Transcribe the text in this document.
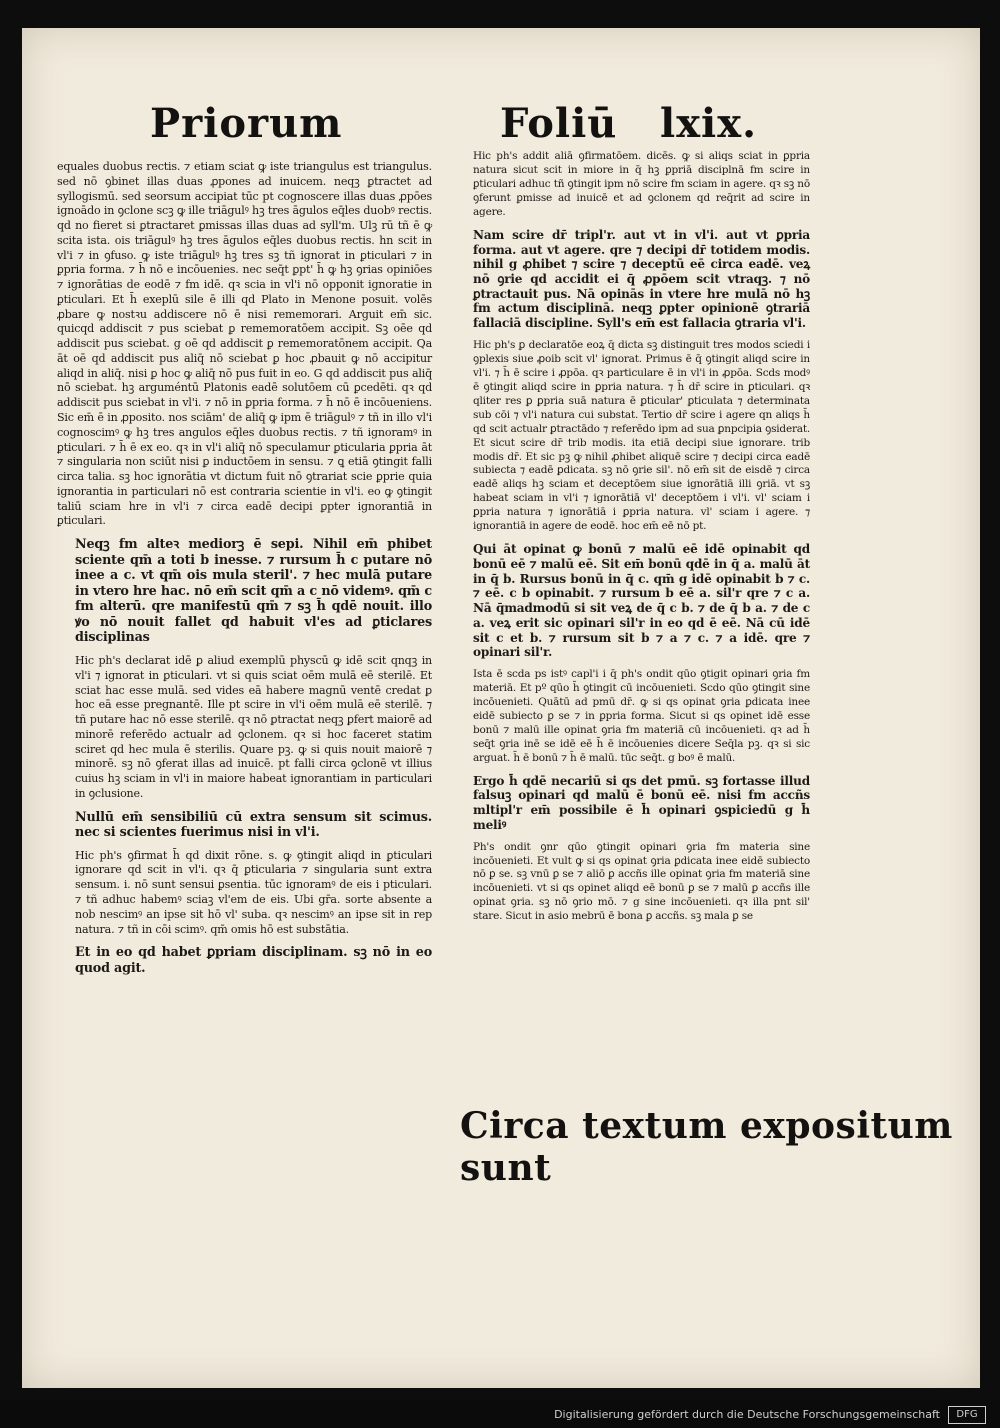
Priorum	Foliū lxix.

equales duobus rectis. ⁊ etiam sciat ꝙ iste triangulus est triangulus. sed nō ꝯbinet illas duas ꝓpones ad inuicem. neqꝫ ꝑtractet ad syllogismū. sed seorsum accipiat tūc pt cognoscere illas duas ꝓpōes ignoādo in ꝯclone scꝫ ꝙ ille triāgulꝰ hꝫ tres āgulos eq̄les duobꝰ rectis. qd no fieret si ꝑtractaret ꝑmissas illas duas ad syll'm. Ulꝫ rū tñ ē ꝙ scita ista. ois triāgulꝰ hꝫ tres āgulos eq̄les duobus rectis. hn scit in vl'i ⁊ in ꝯfuso. ꝙ iste triāgulꝰ hꝫ tres sꝫ tñ ignorat in ꝑticulari ⁊ in ꝑpria forma. ⁊ h̄ nō e incōuenies. nec seq̄t ꝑpt' h̄ ꝙ hꝫ ꝯrias opiniōes ⁊ ignorātias de eodē ⁊ fm idē. qꝛ scia in vl'i nō opponit ignoratie in ꝑticulari. Et h̄ exeplū sile ē illi qd Plato in Menone posuit. volēs ꝓbare ꝙ nostꝛu addiscere nō ē nisi rememorari. Arguit em̄ sic. quicqd addiscit ⁊ pus sciebat ꝑ rememoratōem accipit. Sꝫ oēe qd addiscit pus sciebat. g oē qd addiscit ꝑ rememoratōnem accipit. Qa āt oē qd addiscit pus aliq̄ nō sciebat ꝑ hoc ꝓbauit ꝙ nō accipitur aliqd in aliq̄. nisi ꝑ hoc ꝙ aliq̄ nō pus fuit in eo. G qd addiscit pus aliq̄ nō sciebat. hꝫ arguméntū Platonis eadē solutōem cū ꝑcedēti. qꝛ qd addiscit pus sciebat in vl'i. ⁊ nō in ꝑpria forma. ⁊ h̄ nō ē incōueniens. Sic em̄ ē in ꝓposito. nos sciām' de aliq̄ ꝙ ipm ē triāgulꝰ ⁊ tñ in illo vl'i cognoscimꝰ ꝙ hꝫ tres angulos eq̄les duobus rectis. ⁊ tñ ignoramꝰ in ꝑticulari. ⁊ h̄ ē ex eo. qꝛ in vl'i aliq̄ nō speculamur ꝑticularia ꝑpria āt ⁊ singularia non sciūt nisi ꝑ inductōem in sensu. ⁊ ꝗ etiā ꝯtingit falli circa talia. sꝫ hoc ignorātia vt dictum fuit nō ꝯtrariat scie ꝑprie quia ignorantia in particulari nō est contraria scientie in vl'i. eo ꝙ ꝯtingit taliū sciam hre in vl'i ⁊ circa eadē decipi ꝑpter ignorantiā in ꝑticulari.

Neqꝫ fm alteꝛ mediorꝫ ē sepi. Nihil em̄ phibet sciente qm̄ a toti b inesse. ⁊ rursum h̄ c putare nō inee a c. vt qm̄ ois mula steril'. ⁊ hec mulā putare in vtero hre hac. nō em̄ scit qm̄ a c nō videmꝰ. qm̄ c fm alterū. qre manifestū qm̄ ⁊ sꝫ h̄ qdē nouit. illo ꝟo nō nouit fallet qd habuit vl'es ad ꝑticlares disciplinas

Hic ph's declarat idē ꝑ aliud exemplū physcū ꝙ idē scit qnqꝫ in vl'i ⁊ ignorat in ꝑticulari. vt si quis sciat oēm mulā eē sterilē. Et sciat hac esse mulā. sed vides eā habere magnū ventē credat ꝑ hoc eā esse pregnantē. Ille pt scire in vl'i oēm mulā eē sterilē. ⁊ tñ putare hac nō esse sterilē. qꝛ nō ꝑtractat neqꝫ ꝑfert maiorē ad minorē referēdo actualr ad ꝯclonem. qꝛ si hoc faceret statim sciret qd hec mula ē sterilis. Quare pꝫ. ꝙ si quis nouit maiorē ⁊ minorē. sꝫ nō ꝯferat illas ad inuicē. pt falli circa ꝯclonē vt illius cuius hꝫ sciam in vl'i in maiore habeat ignorantiam in particulari in ꝯclusione.

Nullū em̄ sensibiliū cū extra sensum sit scimus. nec si scientes fuerimus nisi in vl'i.

Hic ph's ꝯfirmat h̄ qd dixit rōne. s. ꝙ ꝯtingit aliqd in ꝑticulari ignorare qd scit in vl'i. qꝛ q̄ ꝑticularia ⁊ singularia sunt extra sensum. i. nō sunt sensui ꝑsentia. tūc ignoramꝰ de eis i pticulari. ⁊ tñ adhuc habemꝰ sciaꝫ vl'em de eis. Ubi gr̄a. sorte absente a nob nescimꝰ an ipse sit hō vl' suba. qꝛ nescimꝰ an ipse sit in rep natura. ⁊ tñ in cōi scimꝰ. qm̄ omis hō est substātia.

Et in eo qd habet ꝑpriam disciplinam. sꝫ nō in eo quod agit.

Hic ph's addit aliā ꝯfirmatōem. dicēs. ꝙ si aliqs sciat in ꝑpria natura sicut scit in miore in q̄ hꝫ ꝑpriā disciplnā fm scire in ꝑticulari adhuc tñ ꝯtingit ipm nō scire fm sciam in agere. qꝛ sꝫ nō ꝯferunt ꝑmisse ad inuicē et ad ꝯclonem qd req̄rit ad scire in agere.

Nam scire dr̄ tripl'r. aut vt in vl'i. aut vt ꝑpria forma. aut vt agere. qre ⁊ decipi dr̄ totidem modis. nihil g ꝓhibet ⁊ scire ⁊ deceptū eē circa eadē. veꝝ nō ꝯrie qd accidit ei q̄ ꝓpōem scit vtraqꝫ. ⁊ nō ꝑtractauit pus. Nā opinās in vtere hre mulā nō hꝫ fm actum disciplinā. neqꝫ ꝑpter opinionē ꝯtrariā fallaciā discipline. Syll's em̄ est fallacia ꝯtraria vl'i.

Hic ph's ꝑ declaratōe eoꝝ q̄ dicta sꝫ distinguit tres modos sciedi i ꝯplexis siue ꝓoib scit vl' ignorat. Primus ē q̄ ꝯtingit aliqd scire in vl'i. ⁊ h̄ ē scire i ꝓpōa. qꝛ particulare ē in vl'i in ꝓpōa. Scds modꝰ ē ꝯtingit aliqd scire in ꝑpria natura. ⁊ h̄ dr̄ scire in ꝑticulari. qꝛ qliter res ꝑ ꝑpria suā natura ē ꝑticular' ꝑticulata ⁊ determinata sub cōi ⁊ vl'i natura cui substat. Tertio dr̄ scire i agere qn aliqs h̄ qd scit actualr ꝑtractādo ⁊ referēdo ipm ad sua ꝑnpcipia ꝯsiderat. Et sicut scire dr̄ trib modis. ita etiā decipi siue ignorare. trib modis dr̄. Et sic pꝫ ꝙ nihil ꝓhibet aliquē scire ⁊ decipi circa eadē subiecta ⁊ eadē ꝑdicata. sꝫ nō ꝯrie sil'. nō em̄ sit de eisdē ⁊ circa eadē aliqs hꝫ sciam et deceptōem siue ignorātiā illi ꝯriā. vt sꝫ habeat sciam in vl'i ⁊ ignorātiā vl' deceptōem i vl'i. vl' sciam i ꝑpria natura ⁊ ignorātiā i ꝑpria natura. vl' sciam i agere. ⁊ ignorantiā in agere de eodē. hoc em̄ eē nō pt.

Qui āt opinat ꝙ bonū ⁊ malū eē idē opinabit qd bonū eē ⁊ malū eē. Sit em̄ bonū qdē in q̄ a. malū āt in q̄ b. Rursus bonū in q̄ c. qm̄ g idē opinabit b ⁊ c. ⁊ eē. c b opinabit. ⁊ rursum b eē a. sil'r qre ⁊ c a. Nā q̄madmodū si sit veꝝ de q̄ c b. ⁊ de q̄ b a. ⁊ de c a. veꝝ erit sic opinari sil'r in eo qd ē eē. Nā cū idē sit c et b. ⁊ rursum sit b ⁊ a ⁊ c. ⁊ a idē. qre ⁊ opinari sil'r.

Ista ē scda ps istꝰ capl'i i q̄ ph's ondit qūo ꝯtigit opinari ꝯria fm materiā. Et pº qūo h̄ ꝯtingit cū incōuenieti. Scdo qūo ꝯtingit sine incōuenieti. Quātū ad pmū dr̄. ꝙ si qs opinat ꝯria ꝑdicata inee eidē subiecto ꝑ se ⁊ in ꝑpria forma. Sicut si qs opinet idē esse bonū ⁊ malū ille opinat ꝯria fm materiā cū incōuenieti. qꝛ ad h̄ seq̄t ꝯria inē se idē eē h̄ ē incōuenies dicere Seq̄la pꝫ. qꝛ si sic arguat. h̄ ē bonū ⁊ h̄ ē malū. tūc seq̄t. g boꝰ ē malū.

Ergo h̄ qdē necariū si qs det pmū. sꝫ fortasse illud falsuꝫ opinari qd malū ē bonū eē. nisi fm accñs mltipl'r em̄ possibile ē h̄ opinari ꝯspiciedū g h̄ meliꝰ

Ph's ondit ꝯnr qūo ꝯtingit opinari ꝯria fm materia sine incōuenieti. Et vult ꝙ si qs opinat ꝯria ꝑdicata inee eidē subiecto nō ꝑ se. sꝫ vnū ꝑ se ⁊ aliō ꝑ accñs ille opinat ꝯria fm materiā sine incōuenieti. vt si qs opinet aliqd eē bonū ꝑ se ⁊ malū ꝑ accñs ille opinat ꝯria. sꝫ nō ꝯrio mō. ⁊ g sine incōuenieti. qꝛ illa pnt sil' stare. Sicut in asio mebrū ē bona ꝑ accñs. sꝫ mala ꝑ se

Circa textum expositum sunt
Digitalisierung gefördert durch die Deutsche Forschungsgemeinschaft	DFG
